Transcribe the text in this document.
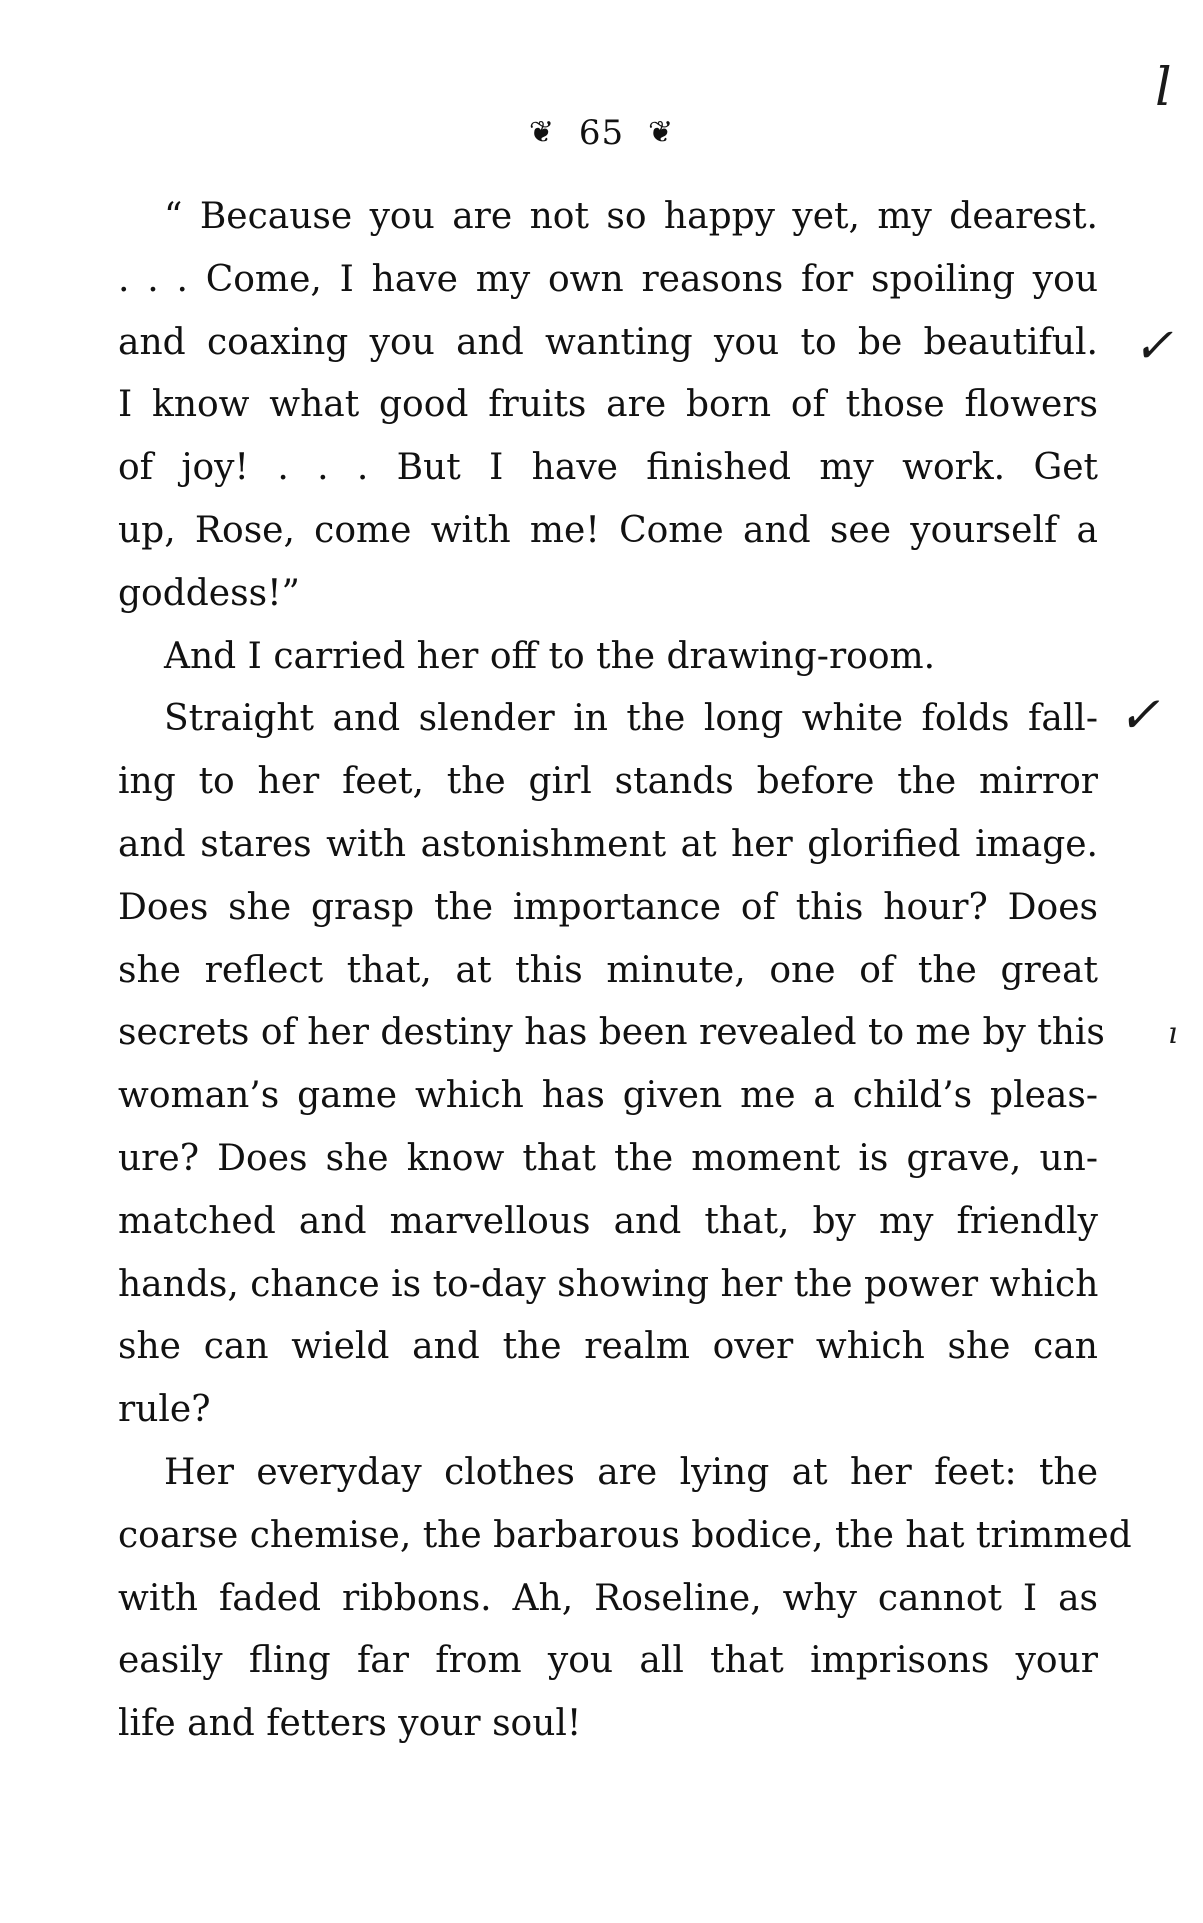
❦ 65 ❦
l
✓
✓
ı
“ Because you are not so happy yet, my dearest.
. . . Come, I have my own reasons for spoiling you
and coaxing you and wanting you to be beautiful.
I know what good fruits are born of those flowers
of joy! . . . But I have finished my work. Get
up, Rose, come with me! Come and see yourself a
goddess!”
And I carried her off to the drawing-room.
Straight and slender in the long white folds fall-
ing to her feet, the girl stands before the mirror
and stares with astonishment at her glorified image.
Does she grasp the importance of this hour? Does
she reflect that, at this minute, one of the great
secrets of her destiny has been revealed to me by this
woman’s game which has given me a child’s pleas-
ure? Does she know that the moment is grave, un-
matched and marvellous and that, by my friendly
hands, chance is to-day showing her the power which
she can wield and the realm over which she can
rule?
Her everyday clothes are lying at her feet: the
coarse chemise, the barbarous bodice, the hat trimmed
with faded ribbons. Ah, Roseline, why cannot I as
easily fling far from you all that imprisons your
life and fetters your soul!
